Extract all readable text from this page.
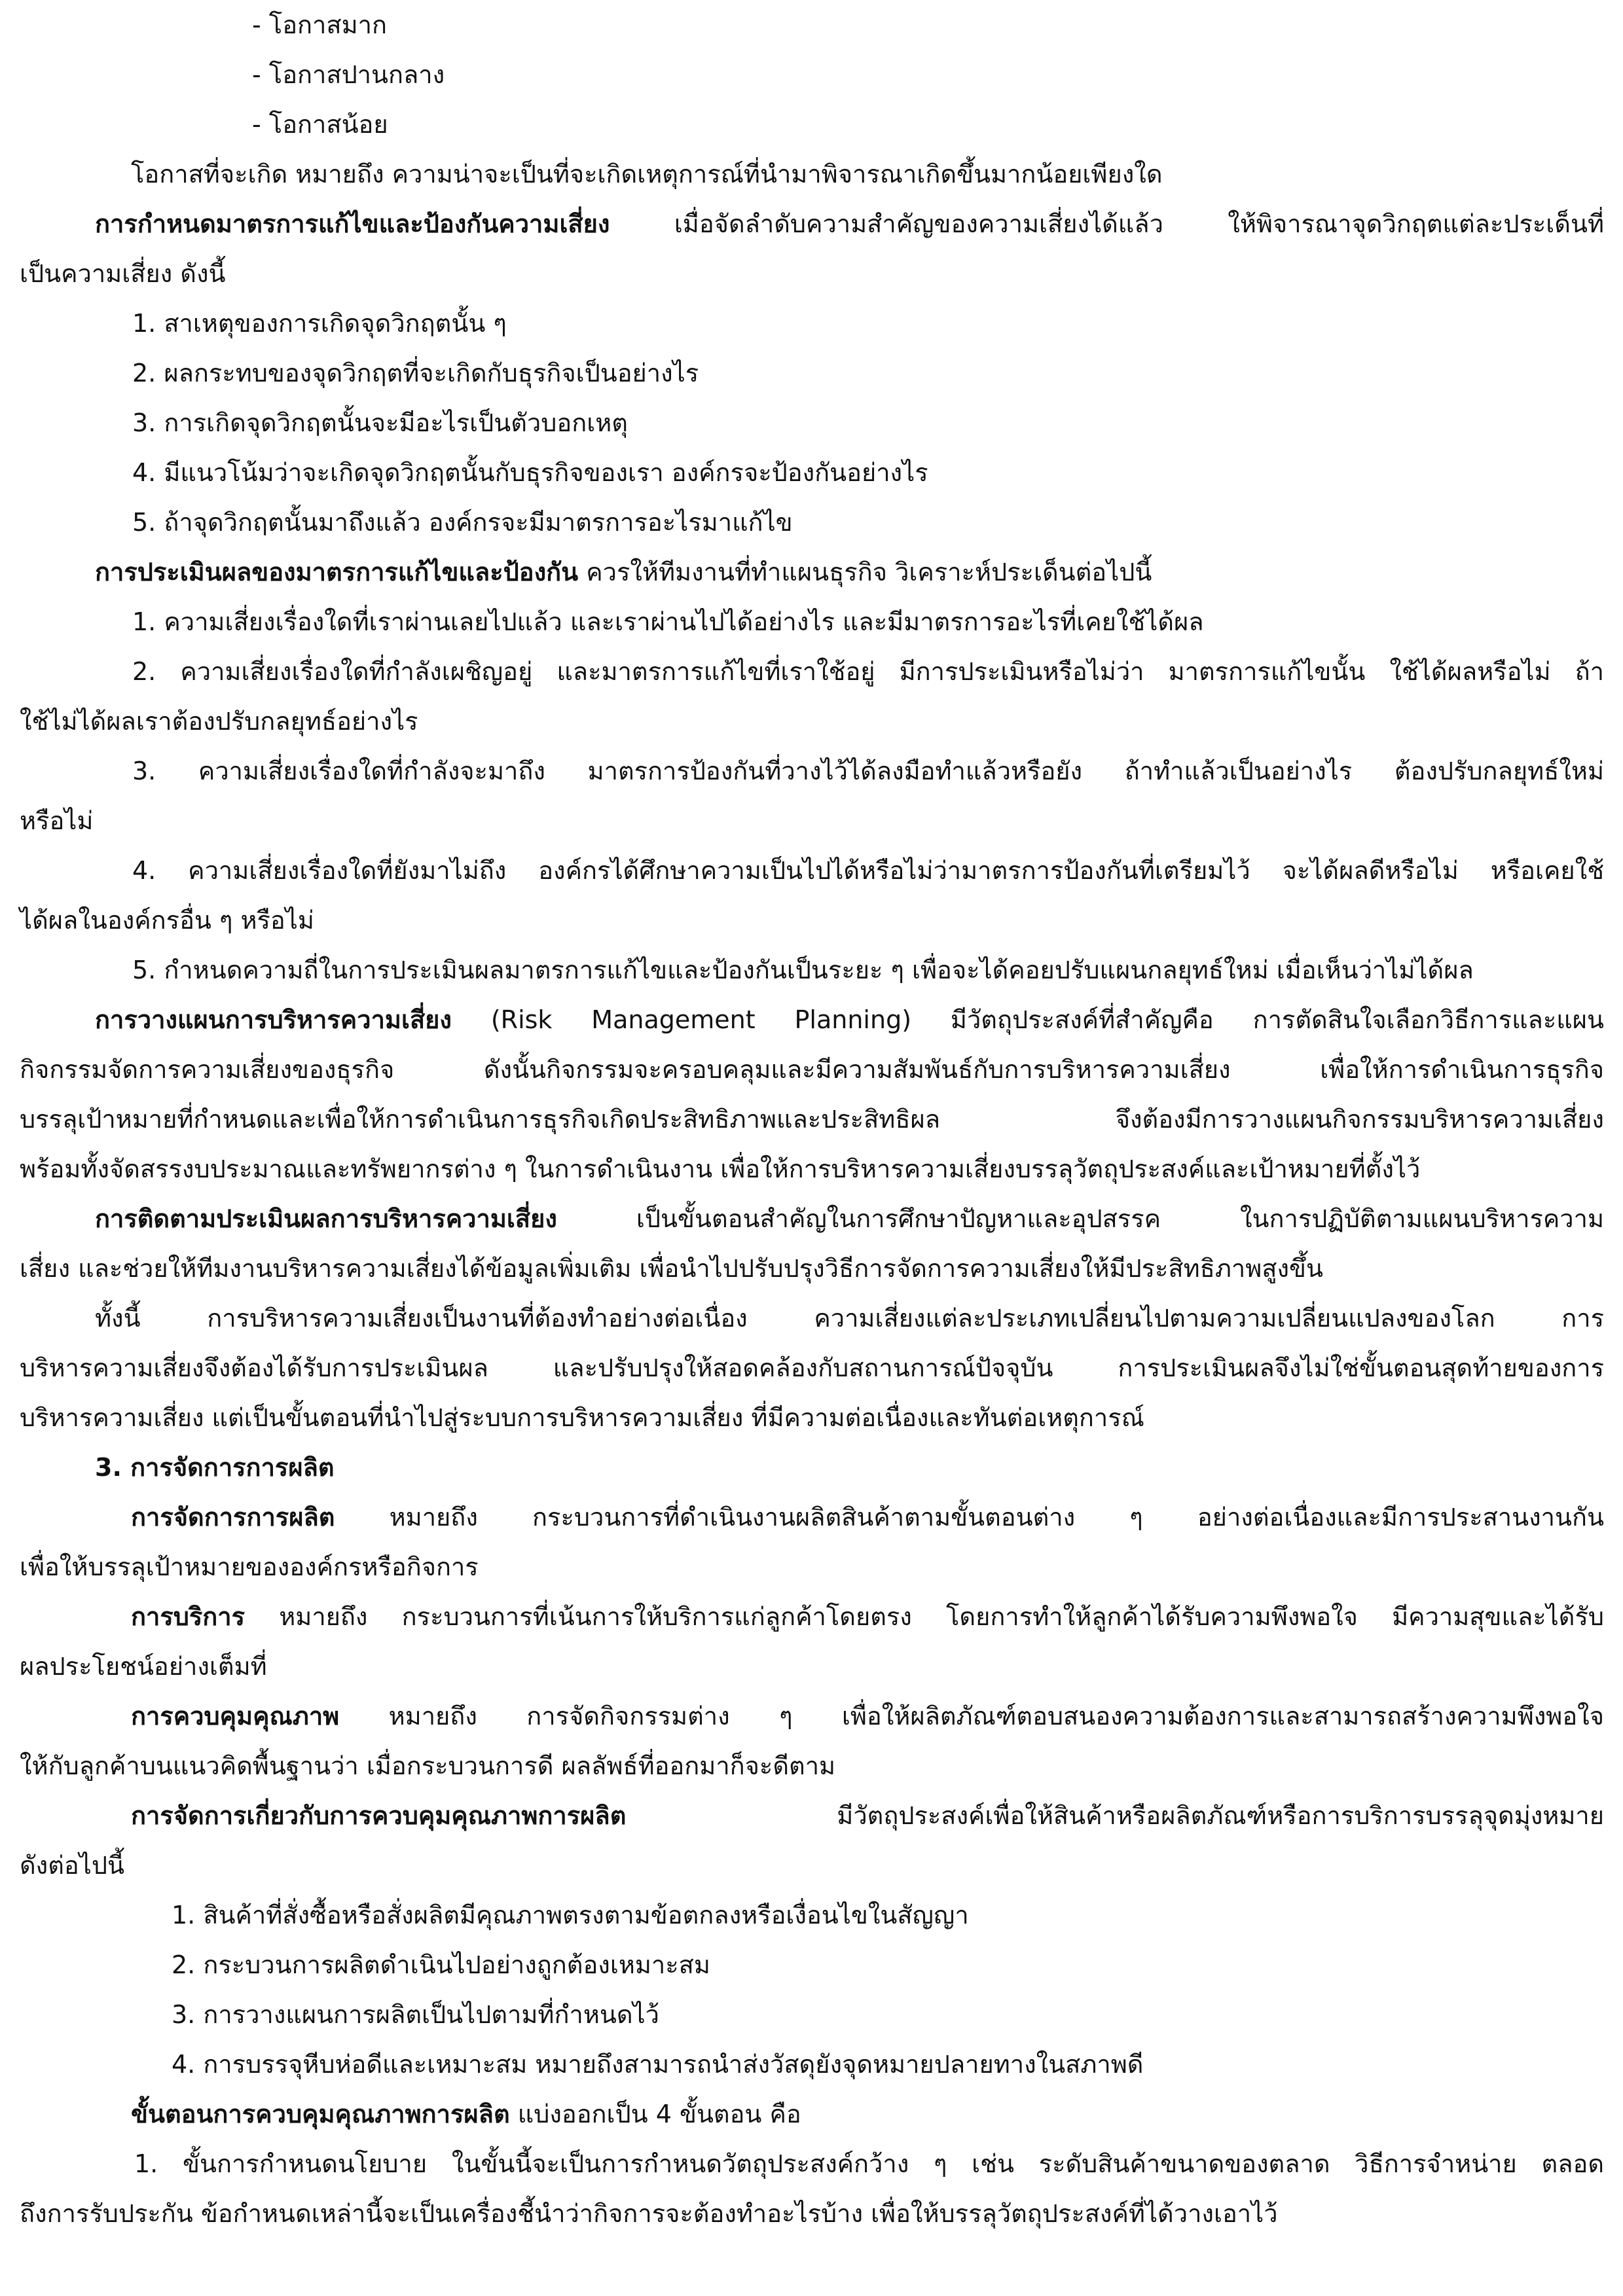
- โอกาสมาก
- โอกาสปานกลาง
- โอกาสน้อย
โอกาสที่จะเกิด หมายถึง ความน่าจะเป็นที่จะเกิดเหตุการณ์ที่นำมาพิจารณาเกิดขึ้นมากน้อยเพียงใด
การกำหนดมาตรการแก้ไขและป้องกันความเสี่ยง	เมื่อจัดลำดับความสำคัญของความเสี่ยงได้แล้ว ให้พิจารณาจุดวิกฤตแต่ละประเด็นที่
เป็นความเสี่ยง ดังนี้
1. สาเหตุของการเกิดจุดวิกฤตนั้น ๆ
2. ผลกระทบของจุดวิกฤตที่จะเกิดกับธุรกิจเป็นอย่างไร
3. การเกิดจุดวิกฤตนั้นจะมีอะไรเป็นตัวบอกเหตุ
4. มีแนวโน้มว่าจะเกิดจุดวิกฤตนั้นกับธุรกิจของเรา องค์กรจะป้องกันอย่างไร
5. ถ้าจุดวิกฤตนั้นมาถึงแล้ว องค์กรจะมีมาตรการอะไรมาแก้ไข
การประเมินผลของมาตรการแก้ไขและป้องกัน ควรให้ทีมงานที่ทำแผนธุรกิจ วิเคราะห์ประเด็นต่อไปนี้
1. ความเสี่ยงเรื่องใดที่เราผ่านเลยไปแล้ว และเราผ่านไปได้อย่างไร และมีมาตรการอะไรที่เคยใช้ได้ผล
2. ความเสี่ยงเรื่องใดที่กำลังเผชิญอยู่ และมาตรการแก้ไขที่เราใช้อยู่ มีการประเมินหรือไม่ว่า มาตรการแก้ไขนั้น ใช้ได้ผลหรือไม่ ถ้า
ใช้ไม่ได้ผลเราต้องปรับกลยุทธ์อย่างไร
3. ความเสี่ยงเรื่องใดที่กำลังจะมาถึง มาตรการป้องกันที่วางไว้ได้ลงมือทำแล้วหรือยัง ถ้าทำแล้วเป็นอย่างไร ต้องปรับกลยุทธ์ใหม่
หรือไม่
4. ความเสี่ยงเรื่องใดที่ยังมาไม่ถึง องค์กรได้ศึกษาความเป็นไปได้หรือไม่ว่ามาตรการป้องกันที่เตรียมไว้ จะได้ผลดีหรือไม่ หรือเคยใช้
ได้ผลในองค์กรอื่น ๆ หรือไม่
5. กำหนดความถี่ในการประเมินผลมาตรการแก้ไขและป้องกันเป็นระยะ ๆ เพื่อจะได้คอยปรับแผนกลยุทธ์ใหม่ เมื่อเห็นว่าไม่ได้ผล
การวางแผนการบริหารความเสี่ยง (Risk Management Planning) มีวัตถุประสงค์ที่สำคัญคือ การตัดสินใจเลือกวิธีการและแผน
กิจกรรมจัดการความเสี่ยงของธุรกิจ ดังนั้นกิจกรรมจะครอบคลุมและมีความสัมพันธ์กับการบริหารความเสี่ยง เพื่อให้การดำเนินการธุรกิจ
บรรลุเป้าหมายที่กำหนดและเพื่อให้การดำเนินการธุรกิจเกิดประสิทธิภาพและประสิทธิผล จึงต้องมีการวางแผนกิจกรรมบริหารความเสี่ยง
พร้อมทั้งจัดสรรงบประมาณและทรัพยากรต่าง ๆ ในการดำเนินงาน เพื่อให้การบริหารความเสี่ยงบรรลุวัตถุประสงค์และเป้าหมายที่ตั้งไว้
การติดตามประเมินผลการบริหารความเสี่ยง	เป็นขั้นตอนสำคัญในการศึกษาปัญหาและอุปสรรค ในการปฏิบัติตามแผนบริหารความ
เสี่ยง และช่วยให้ทีมงานบริหารความเสี่ยงได้ข้อมูลเพิ่มเติม เพื่อนำไปปรับปรุงวิธีการจัดการความเสี่ยงให้มีประสิทธิภาพสูงขึ้น
ทั้งนี้ การบริหารความเสี่ยงเป็นงานที่ต้องทำอย่างต่อเนื่อง ความเสี่ยงแต่ละประเภทเปลี่ยนไปตามความเปลี่ยนแปลงของโลก การ
บริหารความเสี่ยงจึงต้องได้รับการประเมินผล และปรับปรุงให้สอดคล้องกับสถานการณ์ปัจจุบัน การประเมินผลจึงไม่ใช่ขั้นตอนสุดท้ายของการ
บริหารความเสี่ยง แต่เป็นขั้นตอนที่นำไปสู่ระบบการบริหารความเสี่ยง ที่มีความต่อเนื่องและทันต่อเหตุการณ์
3. การจัดการการผลิต
การจัดการการผลิต หมายถึง กระบวนการที่ดำเนินงานผลิตสินค้าตามขั้นตอนต่าง ๆ อย่างต่อเนื่องและมีการประสานงานกัน
เพื่อให้บรรลุเป้าหมายขององค์กรหรือกิจการ
การบริการ หมายถึง กระบวนการที่เน้นการให้บริการแก่ลูกค้าโดยตรง โดยการทำให้ลูกค้าได้รับความพึงพอใจ มีความสุขและได้รับ
ผลประโยชน์อย่างเต็มที่
การควบคุมคุณภาพ หมายถึง การจัดกิจกรรมต่าง ๆ เพื่อให้ผลิตภัณฑ์ตอบสนองความต้องการและสามารถสร้างความพึงพอใจ
ให้กับลูกค้าบนแนวคิดพื้นฐานว่า เมื่อกระบวนการดี ผลลัพธ์ที่ออกมาก็จะดีตาม
การจัดการเกี่ยวกับการควบคุมคุณภาพการผลิต	มีวัตถุประสงค์เพื่อให้สินค้าหรือผลิตภัณฑ์หรือการบริการบรรลุจุดมุ่งหมาย
ดังต่อไปนี้
1. สินค้าที่สั่งซื้อหรือสั่งผลิตมีคุณภาพตรงตามข้อตกลงหรือเงื่อนไขในสัญญา
2. กระบวนการผลิตดำเนินไปอย่างถูกต้องเหมาะสม
3. การวางแผนการผลิตเป็นไปตามที่กำหนดไว้
4. การบรรจุหีบห่อดีและเหมาะสม หมายถึงสามารถนำส่งวัสดุยังจุดหมายปลายทางในสภาพดี
ขั้นตอนการควบคุมคุณภาพการผลิต แบ่งออกเป็น 4 ขั้นตอน คือ
1. ขั้นการกำหนดนโยบาย ในขั้นนี้จะเป็นการกำหนดวัตถุประสงค์กว้าง ๆ เช่น ระดับสินค้าขนาดของตลาด วิธีการจำหน่าย ตลอด
ถึงการรับประกัน ข้อกำหนดเหล่านี้จะเป็นเครื่องชี้นำว่ากิจการจะต้องทำอะไรบ้าง เพื่อให้บรรลุวัตถุประสงค์ที่ได้วางเอาไว้
